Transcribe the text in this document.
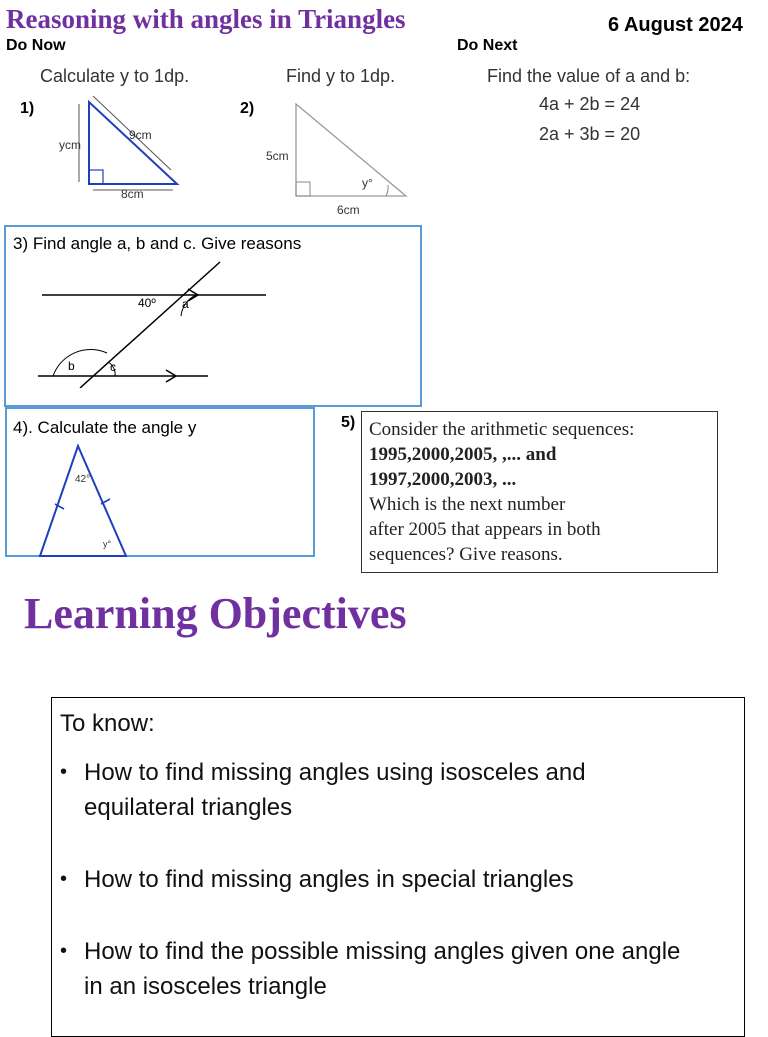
Reasoning with angles in Triangles	6 August 2024
Do Now	Do Next
Calculate y to 1dp.
1)
ycm
9cm
8cm
Find y to 1dp.
2)
5cm
y°
6cm
Find the value of a and b:
4a + 2b = 24
2a + 3b = 20
3) Find angle a, b and c. Give reasons
40º a
b	c
4). Calculate the angle y
42°
y°
5) Consider the arithmetic sequences:
1995,2000,2005, ,... and
1997,2000,2003, ...
Which is the next number
after 2005 that appears in both
sequences? Give reasons.
Learning Objectives
To know:
• How to find missing angles using isosceles and equilateral triangles
• How to find missing angles in special triangles
• How to find the possible missing angles given one angle in an isosceles triangle
